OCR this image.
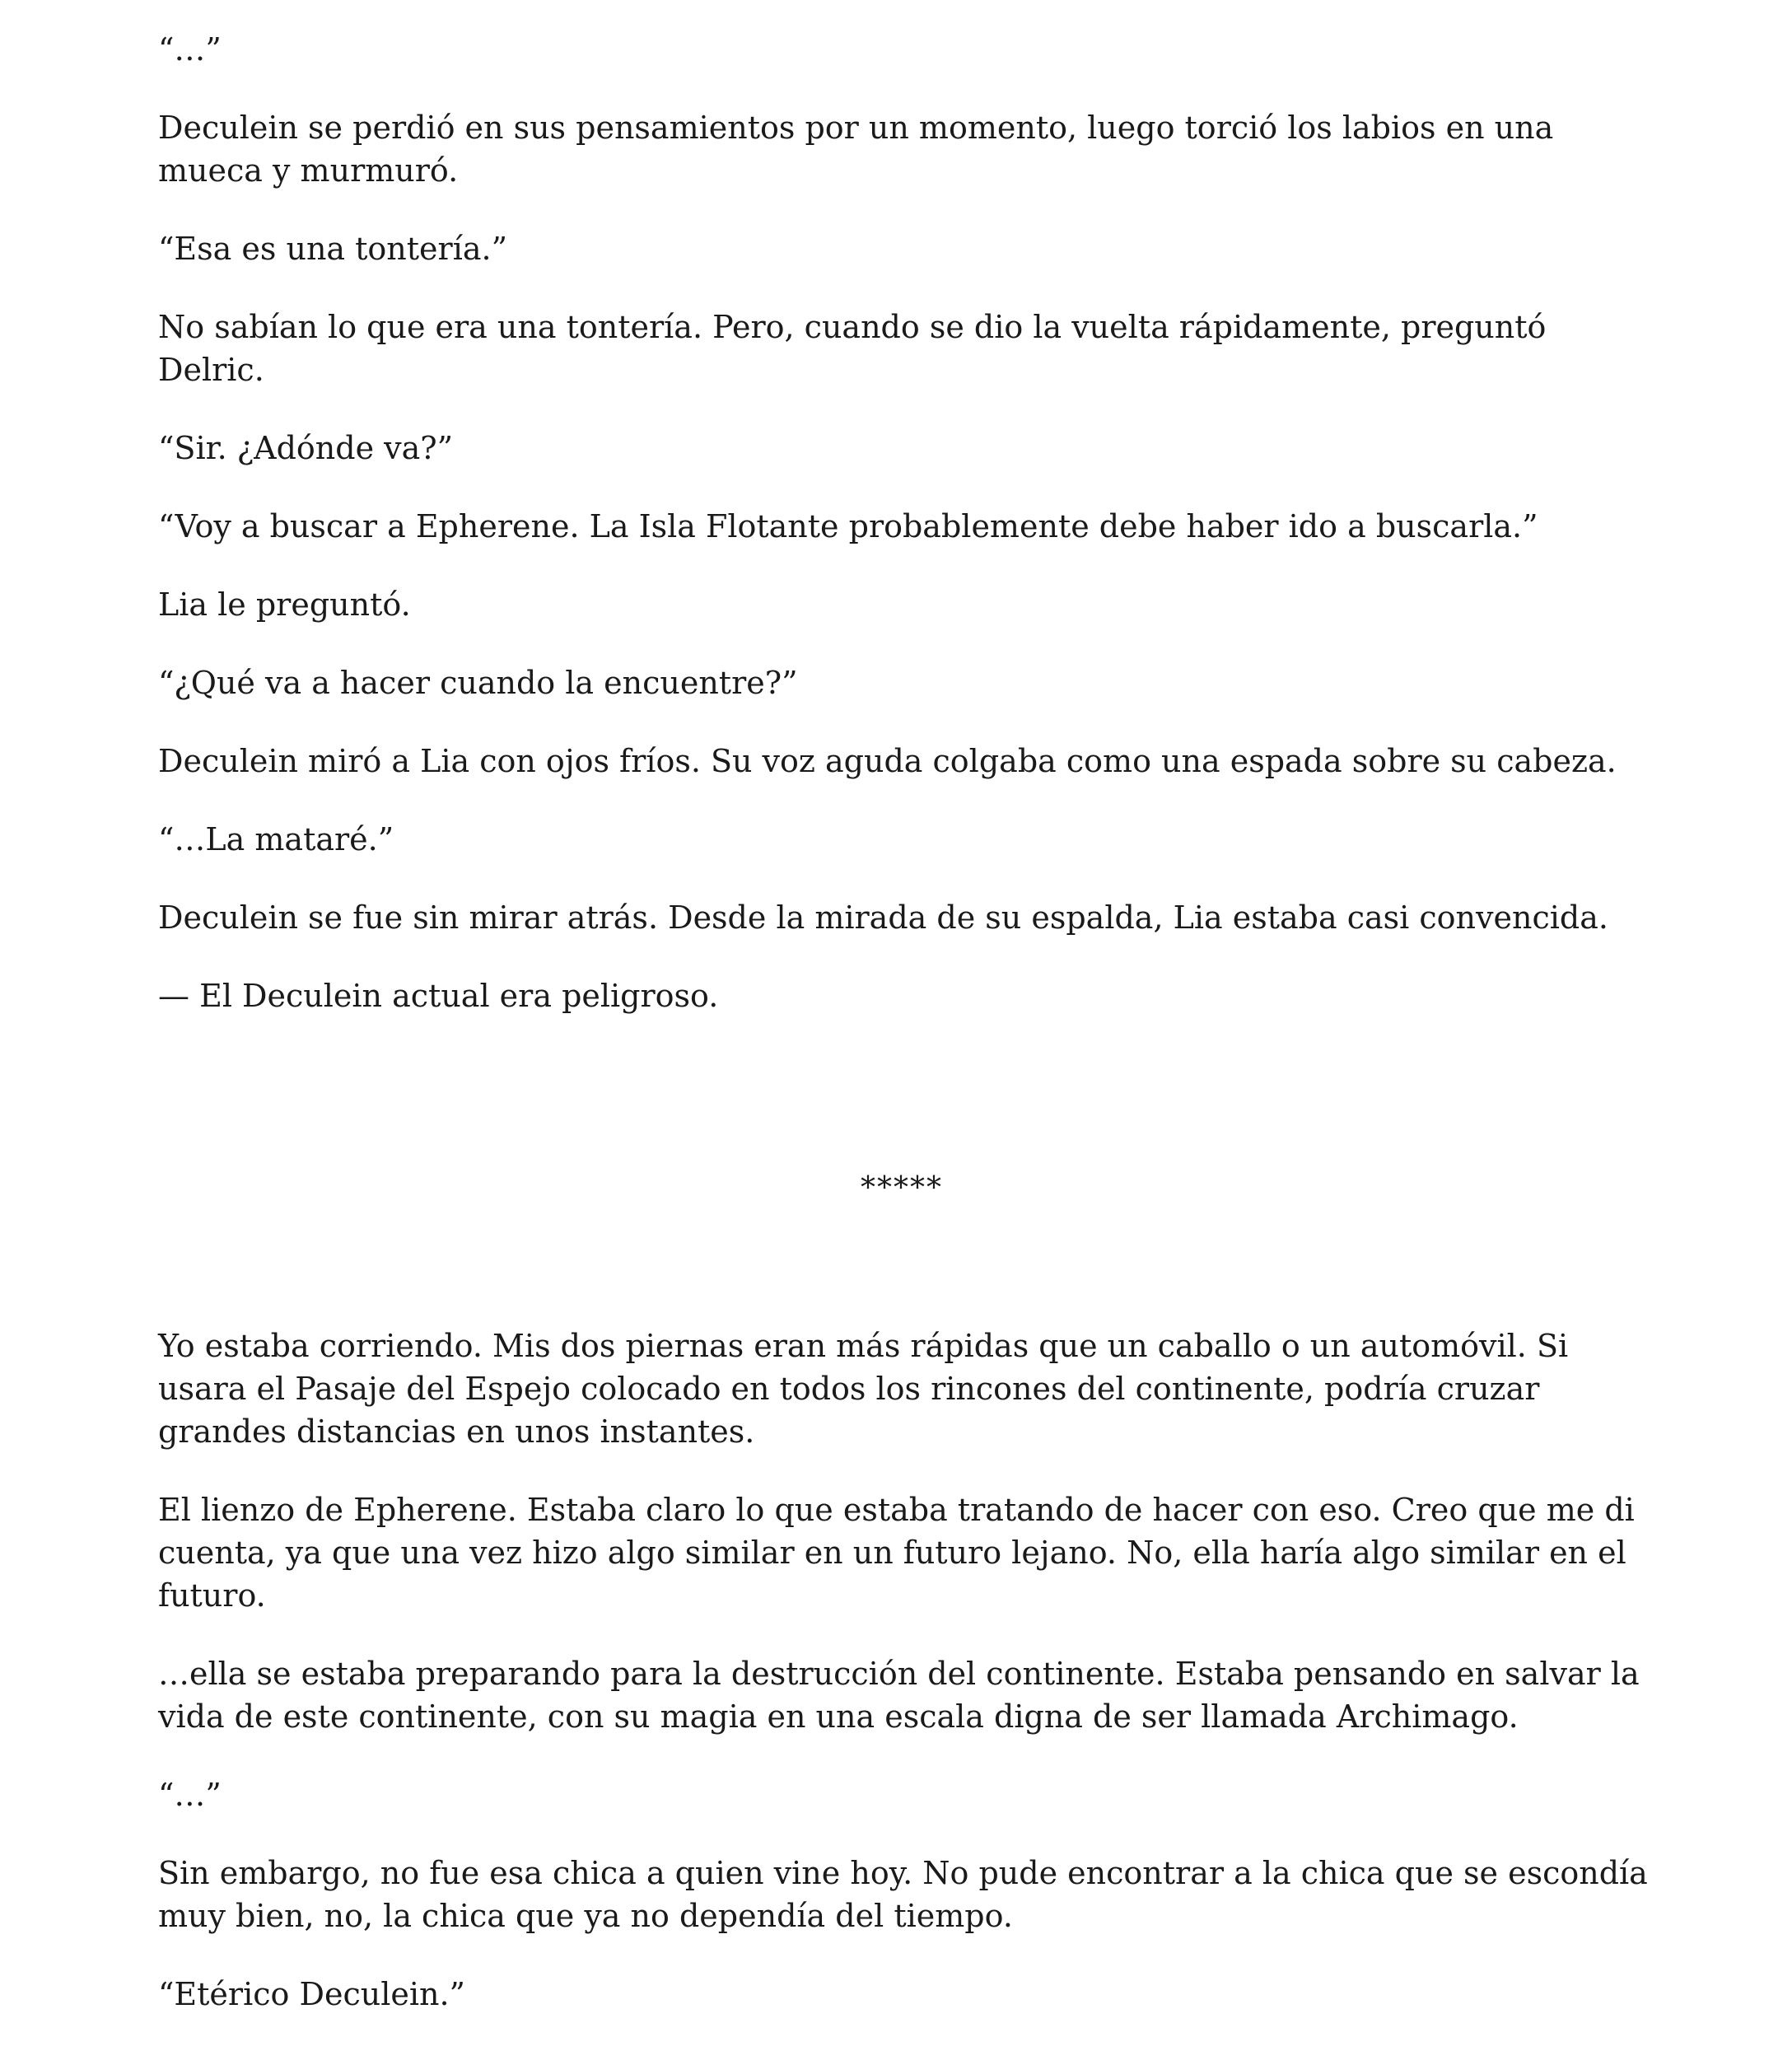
“…”

Deculein se perdió en sus pensamientos por un momento, luego torció los labios en una mueca y murmuró.

“Esa es una tontería.”

No sabían lo que era una tontería. Pero, cuando se dio la vuelta rápidamente, preguntó Delric.

“Sir. ¿Adónde va?”

“Voy a buscar a Epherene. La Isla Flotante probablemente debe haber ido a buscarla.”

Lia le preguntó.

“¿Qué va a hacer cuando la encuentre?”

Deculein miró a Lia con ojos fríos. Su voz aguda colgaba como una espada sobre su cabeza.

“…La mataré.”

Deculein se fue sin mirar atrás. Desde la mirada de su espalda, Lia estaba casi convencida.

— El Deculein actual era peligroso.

*****

Yo estaba corriendo. Mis dos piernas eran más rápidas que un caballo o un automóvil. Si usara el Pasaje del Espejo colocado en todos los rincones del continente, podría cruzar grandes distancias en unos instantes.

El lienzo de Epherene. Estaba claro lo que estaba tratando de hacer con eso. Creo que me di cuenta, ya que una vez hizo algo similar en un futuro lejano. No, ella haría algo similar en el futuro.

…ella se estaba preparando para la destrucción del continente. Estaba pensando en salvar la vida de este continente, con su magia en una escala digna de ser llamada Archimago.

“…”

Sin embargo, no fue esa chica a quien vine hoy. No pude encontrar a la chica que se escondía muy bien, no, la chica que ya no dependía del tiempo.

“Etérico Deculein.”
